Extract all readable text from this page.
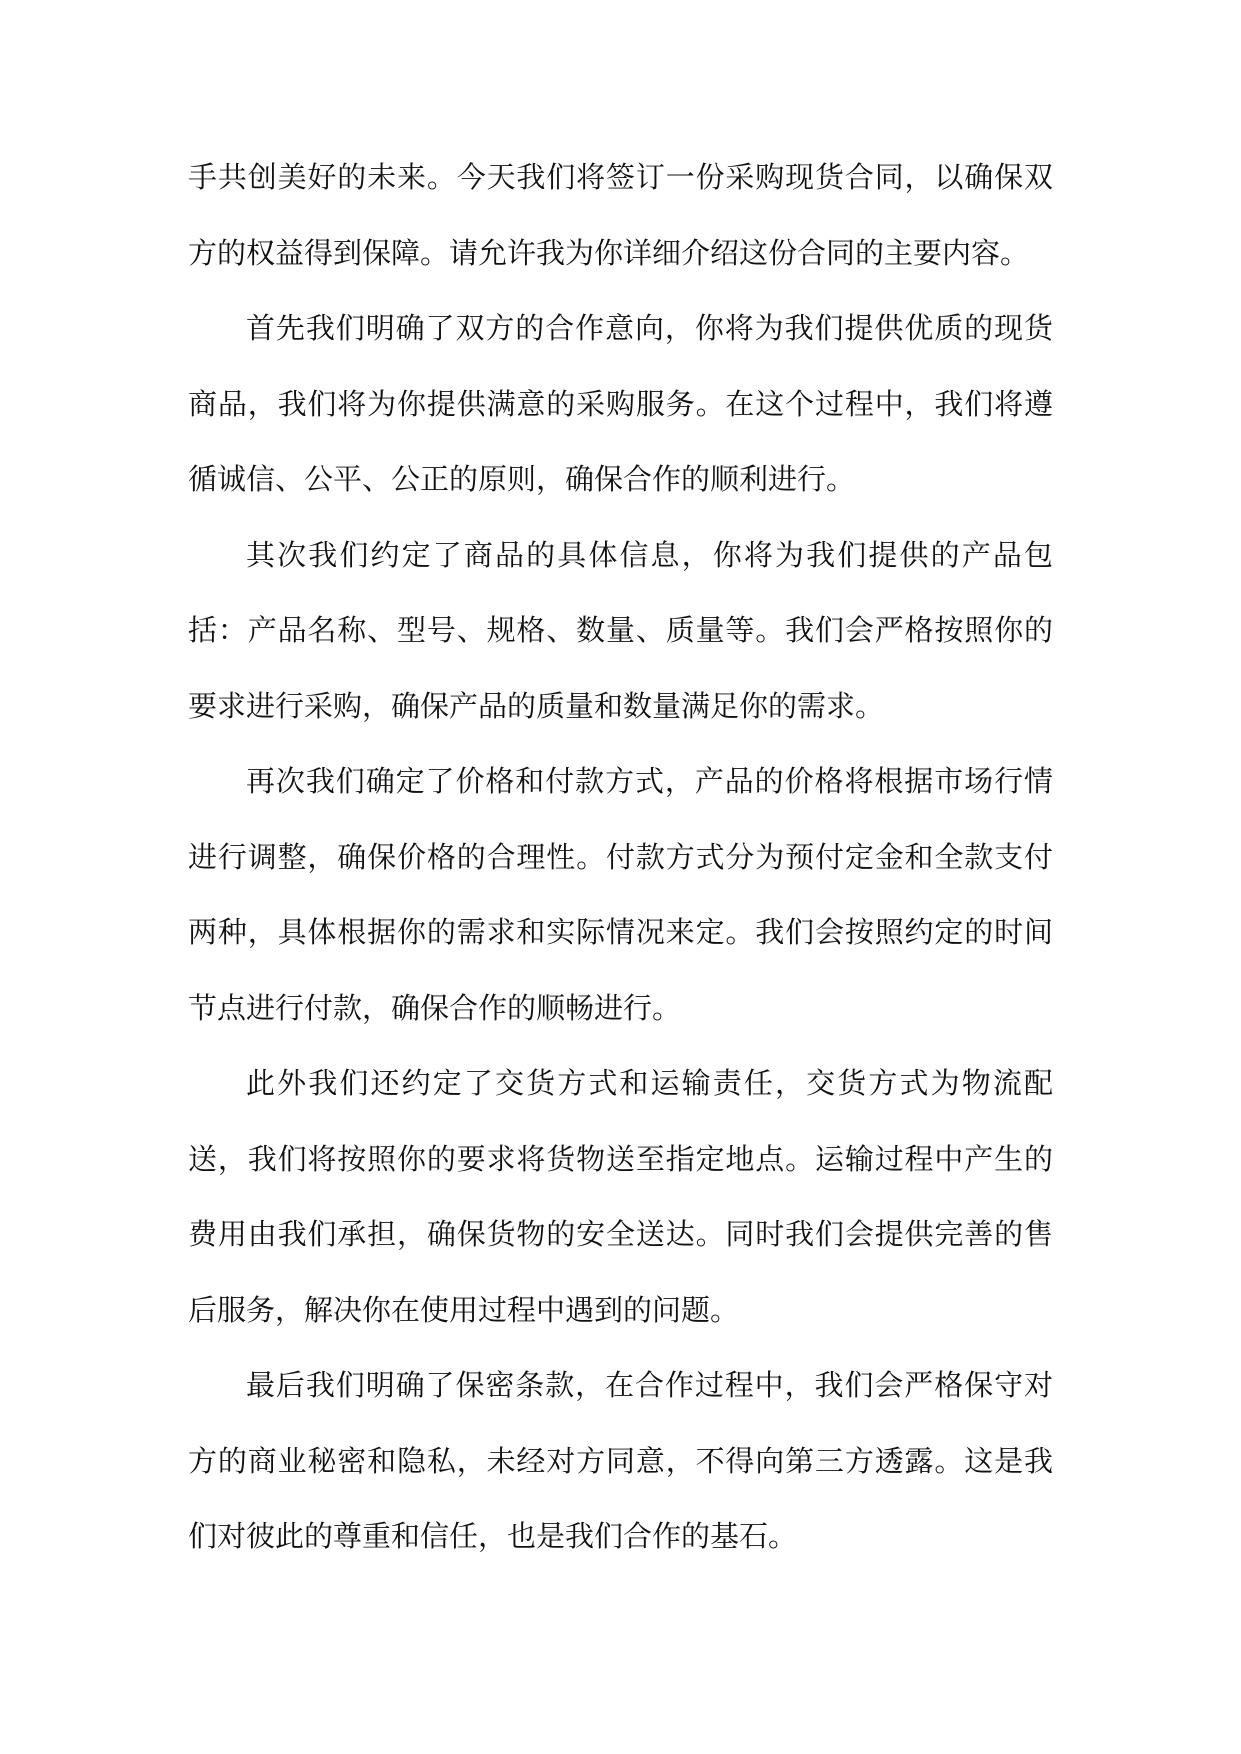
手共创美好的未来。今天我们将签订一份采购现货合同，以确保双方的权益得到保障。请允许我为你详细介绍这份合同的主要内容。

首先我们明确了双方的合作意向，你将为我们提供优质的现货商品，我们将为你提供满意的采购服务。在这个过程中，我们将遵循诚信、公平、公正的原则，确保合作的顺利进行。

其次我们约定了商品的具体信息，你将为我们提供的产品包括：产品名称、型号、规格、数量、质量等。我们会严格按照你的要求进行采购，确保产品的质量和数量满足你的需求。

再次我们确定了价格和付款方式，产品的价格将根据市场行情进行调整，确保价格的合理性。付款方式分为预付定金和全款支付两种，具体根据你的需求和实际情况来定。我们会按照约定的时间节点进行付款，确保合作的顺畅进行。

此外我们还约定了交货方式和运输责任，交货方式为物流配送，我们将按照你的要求将货物送至指定地点。运输过程中产生的费用由我们承担，确保货物的安全送达。同时我们会提供完善的售后服务，解决你在使用过程中遇到的问题。

最后我们明确了保密条款，在合作过程中，我们会严格保守对方的商业秘密和隐私，未经对方同意，不得向第三方透露。这是我们对彼此的尊重和信任，也是我们合作的基石。
